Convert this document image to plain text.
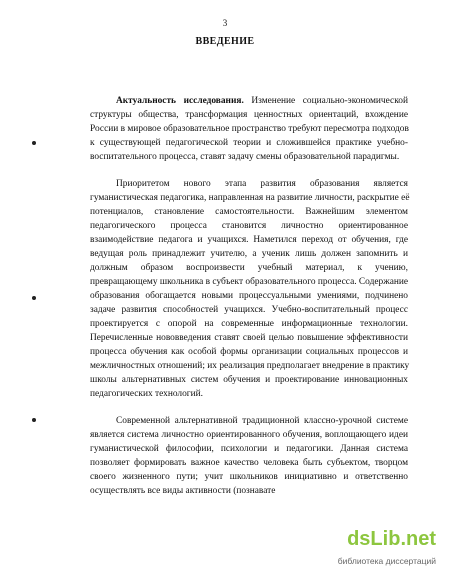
3
ВВЕДЕНИЕ
Актуальность исследования. Изменение социально-экономической
структуры общества, трансформация ценностных ориентаций, вхождение
России в мировое образовательное пространство требуют пересмотра подходов
к существующей педагогической теории и сложившейся практике учебно-
воспитательного процесса, ставят задачу смены образовательной парадигмы.
Приоритетом нового этапа развития образования является
гуманистическая педагогика, направленная на развитие личности, раскрытие её
потенциалов, становление самостоятельности. Важнейшим элементом
педагогического процесса становится личностно ориентированное
взаимодействие педагога и учащихся. Наметился переход от обучения, где
ведущая роль принадлежит учителю, а ученик лишь должен запомнить и
должным образом воспроизвести учебный материал, к учению,
превращающему школьника в субъект образовательного процесса. Содержание
образования обогащается новыми процессуальными умениями, подчинено
задаче развития способностей учащихся. Учебно-воспитательный процесс
проектируется с опорой на современные информационные технологии.
Перечисленные нововведения ставят своей целью повышение эффективности
процесса обучения как особой формы организации социальных процессов и
межличностных отношений; их реализация предполагает внедрение в практику
школы альтернативных систем обучения и проектирование инновационных
педагогических технологий.
Современной альтернативной традиционной классно-урочной системе
является система личностно ориентированного обучения, воплощающего идеи
гуманистической философии, психологии и педагогики. Данная система
позволяет формировать важное качество человека быть субъектом, творцом
своего жизненного пути; учит школьников инициативно и ответственно
осуществлять все виды активности (познавате
dsLib.net
библиотека диссертаций
